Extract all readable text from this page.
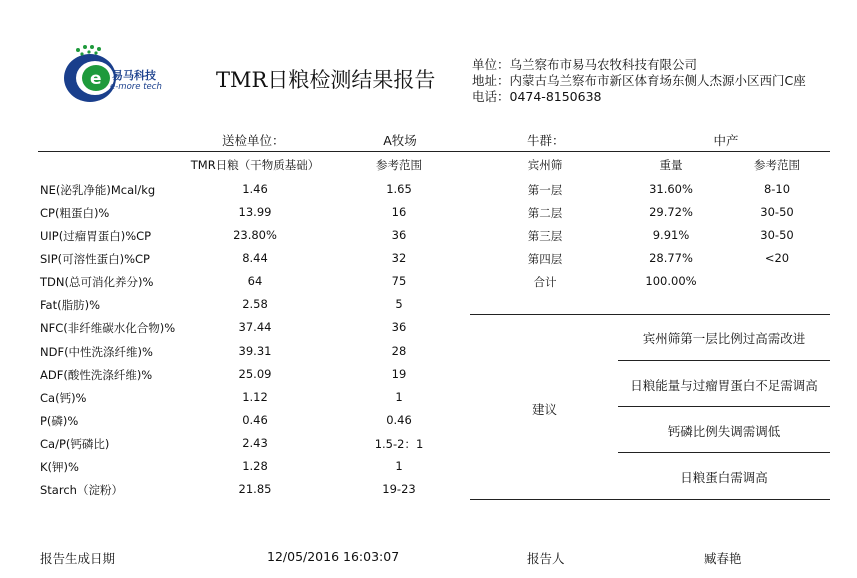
e 易马科技
e-more tech	TMR日粮检测结果报告
单位：乌兰察布市易马农牧科技有限公司
地址：内蒙古乌兰察布市新区体育场东侧人杰源小区西门C座
电话：0474-8150638
送检单位：	A牧场	牛群：	中产
TMR日粮（干物质基础）	参考范围	宾州筛	重量	参考范围
NE(泌乳净能)Mcal/kg	1.46	1.65
CP(粗蛋白)%	13.99	16
UIP(过瘤胃蛋白)%CP	23.80%	36
SIP(可溶性蛋白)%CP	8.44	32
TDN(总可消化养分)%	64	75
Fat(脂肪)%	2.58	5
NFC(非纤维碳水化合物)%	37.44	36
NDF(中性洗涤纤维)%	39.31	28
ADF(酸性洗涤纤维)%	25.09	19
Ca(钙)%	1.12	1
P(磷)%	0.46	0.46
Ca/P(钙磷比)	2.43	1.5-2：1
K(钾)%	1.28	1
Starch（淀粉）	21.85	19-23
第一层	31.60%	8-10
第二层	29.72%	30-50
第三层	9.91%	30-50
第四层	28.77%	<20
合计	100.00%
建议
宾州筛第一层比例过高需改进
日粮能量与过瘤胃蛋白不足需调高
钙磷比例失调需调低
日粮蛋白需调高
报告生成日期	12/05/2016 16:03:07	报告人	臧春艳
